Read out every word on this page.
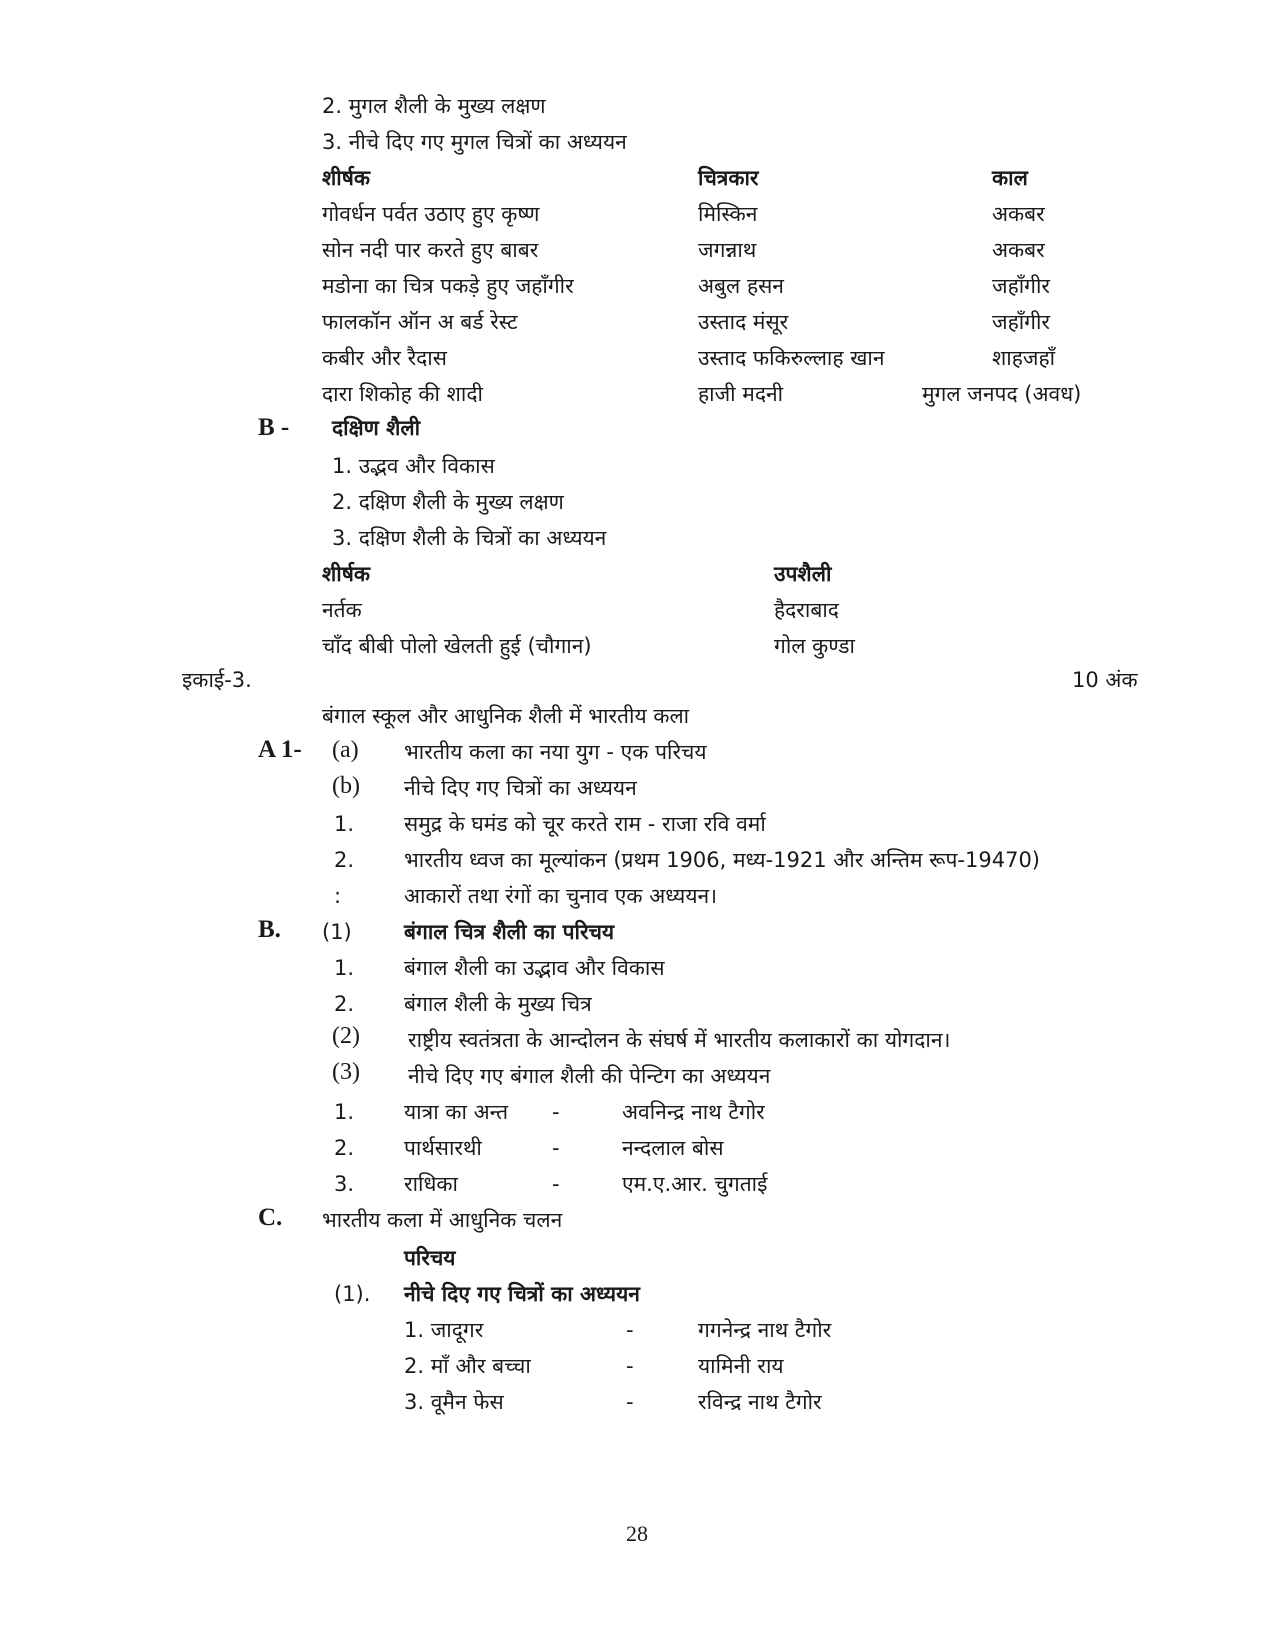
2. मुगल शैली के मुख्य लक्षण
3. नीचे दिए गए मुगल चित्रों का अध्ययन
शीर्षक	चित्रकार	काल
गोवर्धन पर्वत उठाए हुए कृष्ण	मिस्किन	अकबर
सोन नदी पार करते हुए बाबर	जगन्नाथ	अकबर
मडोना का चित्र पकड़े हुए जहाँगीर	अबुल हसन	जहाँगीर
फालकॉन ऑन अ बर्ड रेस्ट	उस्ताद मंसूर	जहाँगीर
कबीर और रैदास	उस्ताद फकिरुल्लाह खान	शाहजहाँ
दारा शिकोह की शादी	हाजी मदनी	मुगल जनपद (अवध)
B - दक्षिण शैली
1. उद्भव और विकास
2. दक्षिण शैली के मुख्य लक्षण
3. दक्षिण शैली के चित्रों का अध्ययन
शीर्षक	उपशैली
नर्तक	हैदराबाद
चाँद बीबी पोलो खेलती हुई (चौगान)	गोल कुण्डा
इकाई-3.	10 अंक
बंगाल स्कूल और आधुनिक शैली में भारतीय कला
A 1- (a) भारतीय कला का नया युग - एक परिचय
(b) नीचे दिए गए चित्रों का अध्ययन
1. समुद्र के घमंड को चूर करते राम - राजा रवि वर्मा
2. भारतीय ध्वज का मूल्यांकन (प्रथम 1906, मध्य-1921 और अन्तिम रूप-19470)
:	आकारों तथा रंगों का चुनाव एक अध्ययन।
B. (1) बंगाल चित्र शैली का परिचय
1. बंगाल शैली का उद्भाव और विकास
2. बंगाल शैली के मुख्य चित्र
(2) राष्ट्रीय स्वतंत्रता के आन्दोलन के संघर्ष में भारतीय कलाकारों का योगदान।
(3) नीचे दिए गए बंगाल शैली की पेन्टिग का अध्ययन
1. यात्रा का अन्त -	अवनिन्द्र नाथ टैगोर
2. पार्थसारथी	-	नन्दलाल बोस
3. राधिका	-	एम.ए.आर. चुगताई
C. भारतीय कला में आधुनिक चलन
परिचय
(1). नीचे दिए गए चित्रों का अध्ययन
1. जादूगर	-	गगनेन्द्र नाथ टैगोर
2. माँ और बच्चा	-	यामिनी राय
3. वूमैन फेस	-	रविन्द्र नाथ टैगोर
28
